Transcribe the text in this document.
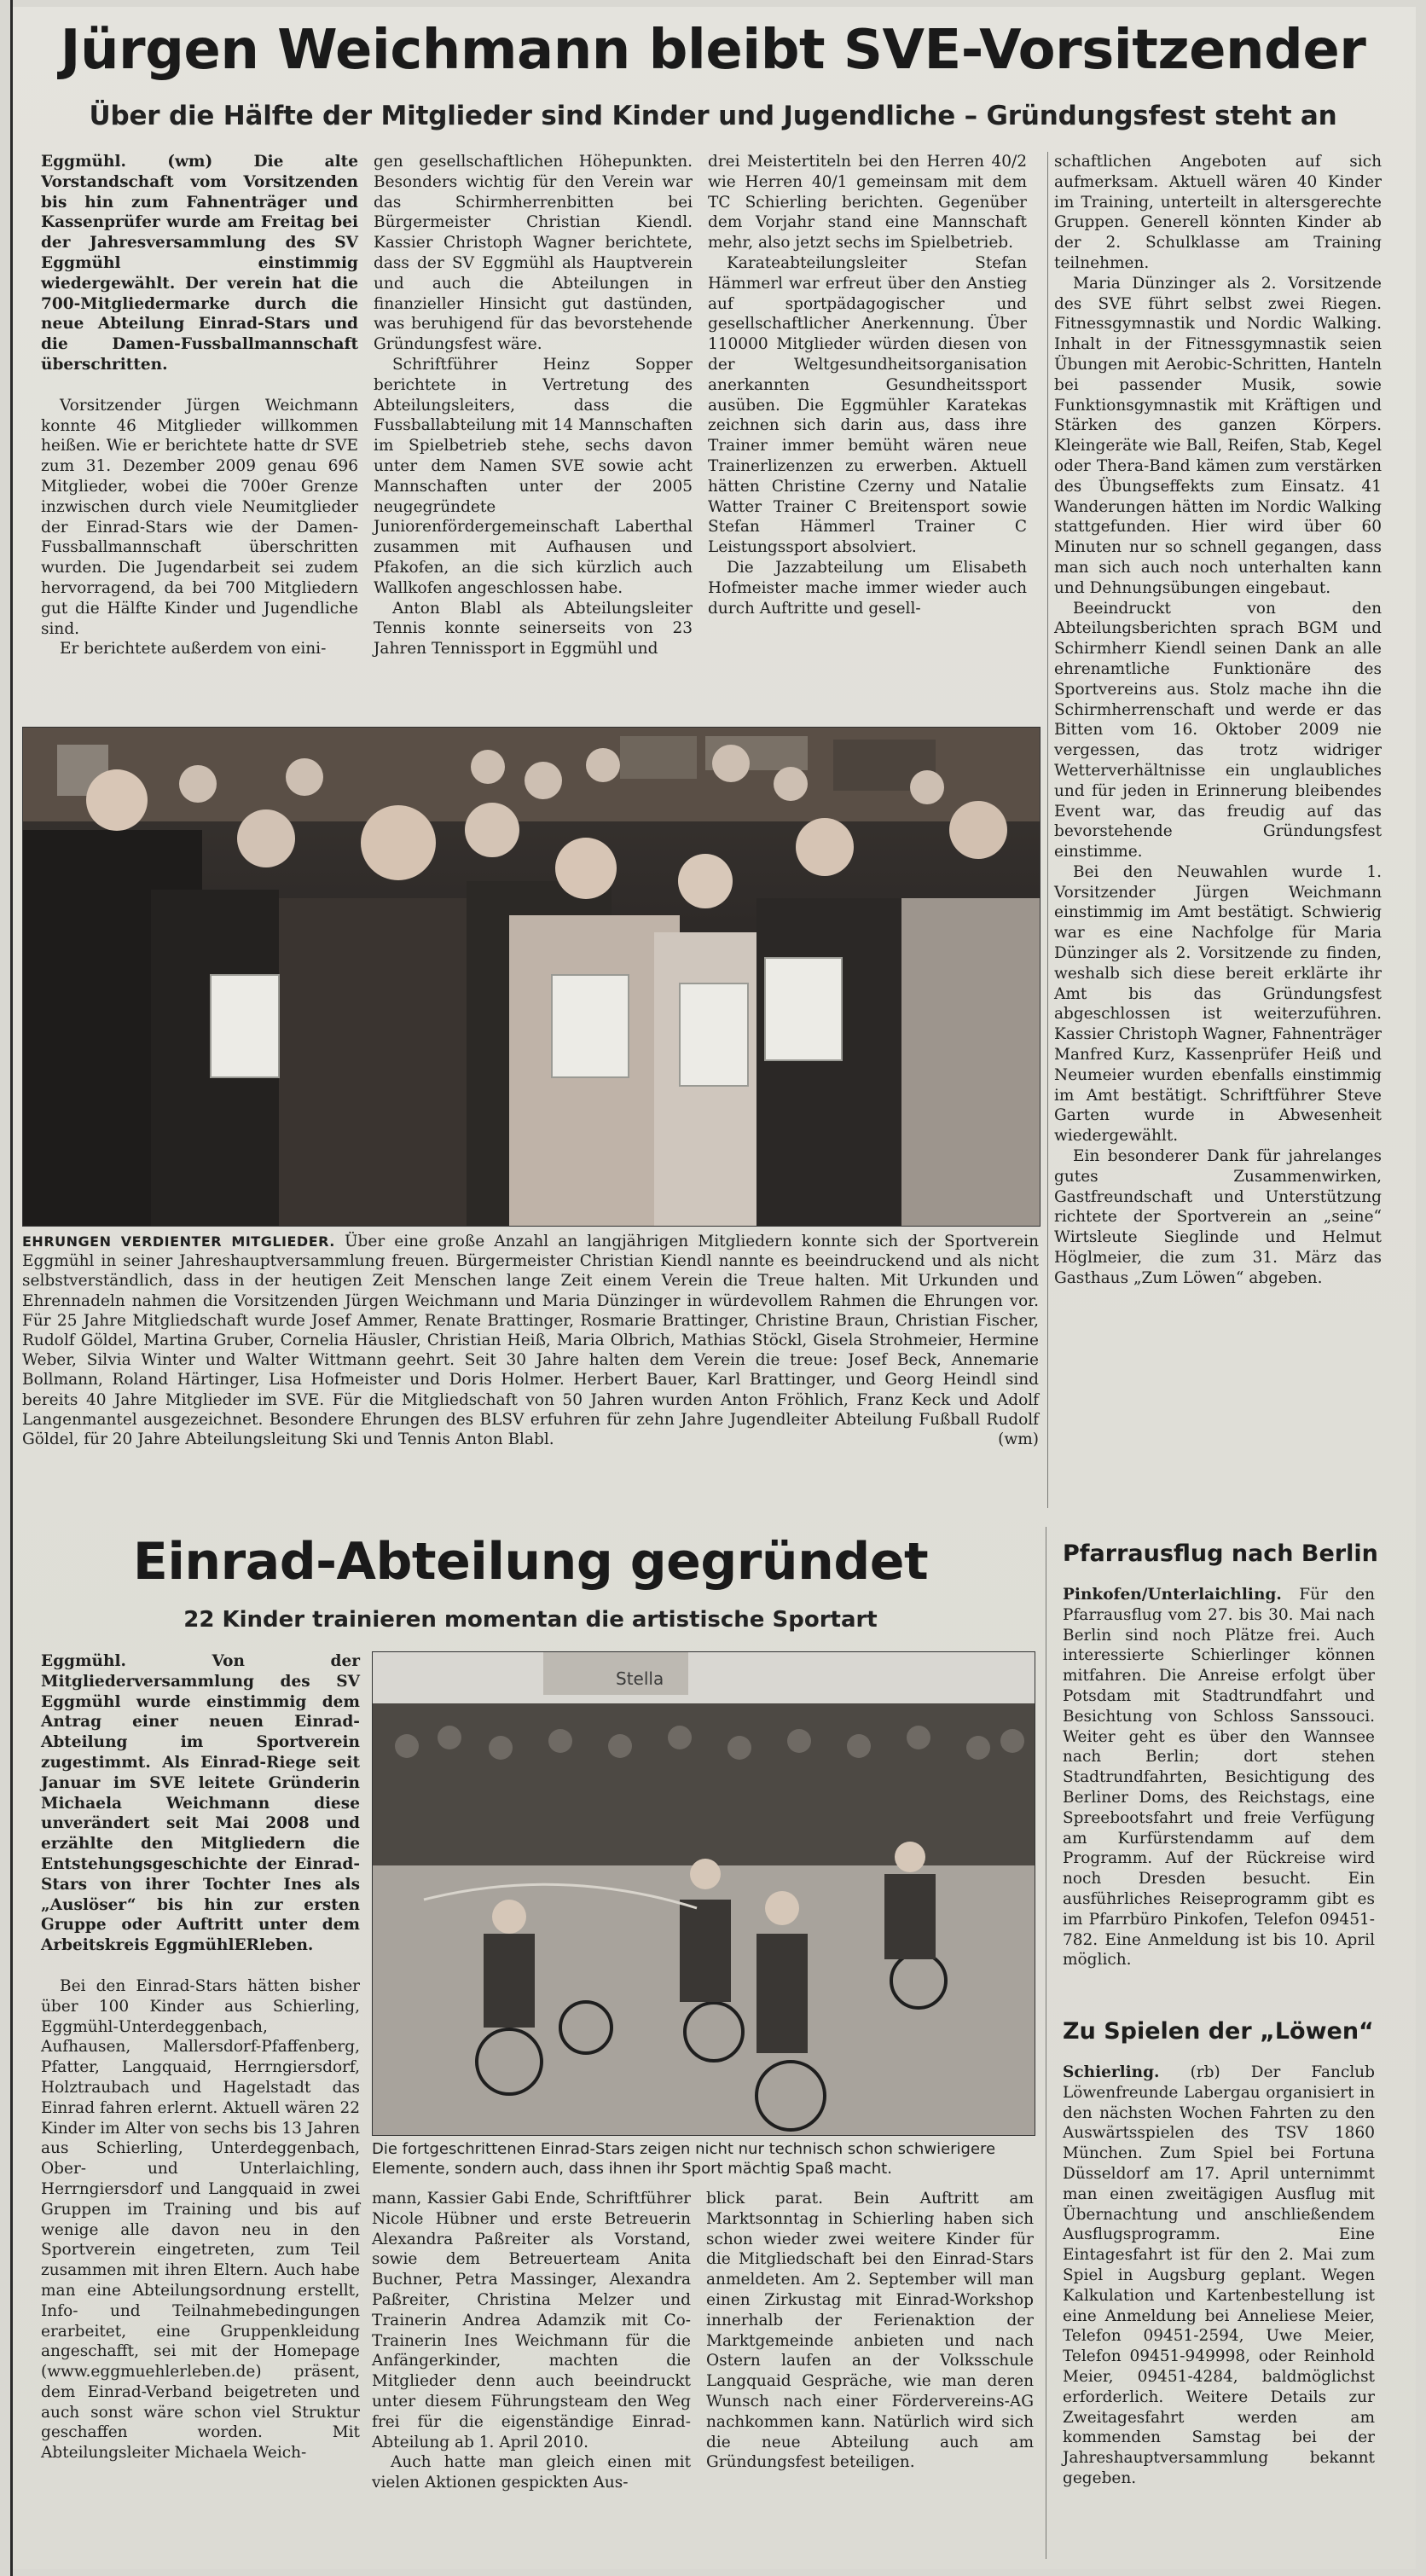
Jürgen Weichmann bleibt SVE-Vorsitzender
Über die Hälfte der Mitglieder sind Kinder und Jugendliche – Gründungsfest steht an

Eggmühl. (wm) Die alte Vorstandschaft vom Vorsitzenden bis hin zum Fahnenträger und Kassenprüfer wurde am Freitag bei der Jahresversammlung des SV Eggmühl einstimmig wiedergewählt. Der verein hat die 700-Mitgliedermarke durch die neue Abteilung Einrad-Stars und die Damen-Fussballmannschaft überschritten.

Vorsitzender Jürgen Weichmann konnte 46 Mitglieder willkommen heißen. Wie er berichtete hatte dr SVE zum 31. Dezember 2009 genau 696 Mitglieder, wobei die 700er Grenze inzwischen durch viele Neumitglieder der Einrad-Stars wie der Damen-Fussballmannschaft überschritten wurden. Die Jugendarbeit sei zudem hervorragend, da bei 700 Mitgliedern gut die Hälfte Kinder und Jugendliche sind.

Er berichtete außerdem von eini-

gen gesellschaftlichen Höhepunkten. Besonders wichtig für den Verein war das Schirmherrenbitten bei Bürgermeister Christian Kiendl. Kassier Christoph Wagner berichtete, dass der SV Eggmühl als Hauptverein und auch die Abteilungen in finanzieller Hinsicht gut dastünden, was beruhigend für das bevorstehende Gründungsfest wäre.

Schriftführer Heinz Sopper berichtete in Vertretung des Abteilungsleiters, dass die Fussballabteilung mit 14 Mannschaften im Spielbetrieb stehe, sechs davon unter dem Namen SVE sowie acht Mannschaften unter der 2005 neugegründete Juniorenfördergemeinschaft Laberthal zusammen mit Aufhausen und Pfakofen, an die sich kürzlich auch Wallkofen angeschlossen habe.

Anton Blabl als Abteilungsleiter Tennis konnte seinerseits von 23 Jahren Tennissport in Eggmühl und

drei Meistertiteln bei den Herren 40/2 wie Herren 40/1 gemeinsam mit dem TC Schierling berichten. Gegenüber dem Vorjahr stand eine Mannschaft mehr, also jetzt sechs im Spielbetrieb.

Karateabteilungsleiter Stefan Hämmerl war erfreut über den Anstieg auf sportpädagogischer und gesellschaftlicher Anerkennung. Über 110000 Mitglieder würden diesen von der Weltgesundheitsorganisation anerkannten Gesundheitssport ausüben. Die Eggmühler Karatekas zeichnen sich darin aus, dass ihre Trainer immer bemüht wären neue Trainerlizenzen zu erwerben. Aktuell hätten Christine Czerny und Natalie Watter Trainer C Breitensport sowie Stefan Hämmerl Trainer C Leistungssport absolviert.

Die Jazzabteilung um Elisabeth Hofmeister mache immer wieder auch durch Auftritte und gesell-

schaftlichen Angeboten auf sich aufmerksam. Aktuell wären 40 Kinder im Training, unterteilt in altersgerechte Gruppen. Generell könnten Kinder ab der 2. Schulklasse am Training teilnehmen.

Maria Dünzinger als 2. Vorsitzende des SVE führt selbst zwei Riegen. Fitnessgymnastik und Nordic Walking. Inhalt in der Fitnessgymnastik seien Übungen mit Aerobic-Schritten, Hanteln bei passender Musik, sowie Funktionsgymnastik mit Kräftigen und Stärken des ganzen Körpers. Kleingeräte wie Ball, Reifen, Stab, Kegel oder Thera-Band kämen zum verstärken des Übungseffekts zum Einsatz. 41 Wanderungen hätten im Nordic Walking stattgefunden. Hier wird über 60 Minuten nur so schnell gegangen, dass man sich auch noch unterhalten kann und Dehnungsübungen eingebaut.

Beeindruckt von den Abteilungsberichten sprach BGM und Schirmherr Kiendl seinen Dank an alle ehrenamtliche Funktionäre des Sportvereins aus. Stolz mache ihn die Schirmherrenschaft und werde er das Bitten vom 16. Oktober 2009 nie vergessen, das trotz widriger Wetterverhältnisse ein unglaubliches und für jeden in Erinnerung bleibendes Event war, das freudig auf das bevorstehende Gründungsfest einstimme.

Bei den Neuwahlen wurde 1. Vorsitzender Jürgen Weichmann einstimmig im Amt bestätigt. Schwierig war es eine Nachfolge für Maria Dünzinger als 2. Vorsitzende zu finden, weshalb sich diese bereit erklärte ihr Amt bis das Gründungsfest abgeschlossen ist weiterzuführen. Kassier Christoph Wagner, Fahnenträger Manfred Kurz, Kassenprüfer Heiß und Neumeier wurden ebenfalls einstimmig im Amt bestätigt. Schriftführer Steve Garten wurde in Abwesenheit wiedergewählt.

Ein besonderer Dank für jahrelanges gutes Zusammenwirken, Gastfreundschaft und Unterstützung richtete der Sportverein an „seine“ Wirtsleute Sieglinde und Helmut Höglmeier, die zum 31. März das Gasthaus „Zum Löwen“ abgeben.

EHRUNGEN VERDIENTER MITGLIEDER. Über eine große Anzahl an langjährigen Mitgliedern konnte sich der Sportverein Eggmühl in seiner Jahreshauptversammlung freuen. Bürgermeister Christian Kiendl nannte es beeindruckend und als nicht selbstverständlich, dass in der heutigen Zeit Menschen lange Zeit einem Verein die Treue halten. Mit Urkunden und Ehrennadeln nahmen die Vorsitzenden Jürgen Weichmann und Maria Dünzinger in würdevollem Rahmen die Ehrungen vor. Für 25 Jahre Mitgliedschaft wurde Josef Ammer, Renate Brattinger, Rosmarie Brattinger, Christine Braun, Christian Fischer, Rudolf Göldel, Martina Gruber, Cornelia Häusler, Christian Heiß, Maria Olbrich, Mathias Stöckl, Gisela Strohmeier, Hermine Weber, Silvia Winter und Walter Wittmann geehrt. Seit 30 Jahre halten dem Verein die treue: Josef Beck, Annemarie Bollmann, Roland Härtinger, Lisa Hofmeister und Doris Holmer. Herbert Bauer, Karl Brattinger, und Georg Heindl sind bereits 40 Jahre Mitglieder im SVE. Für die Mitgliedschaft von 50 Jahren wurden Anton Fröhlich, Franz Keck und Adolf Langenmantel ausgezeichnet. Besondere Ehrungen des BLSV erfuhren für zehn Jahre Jugendleiter Abteilung Fußball Rudolf Göldel, für 20 Jahre Abteilungsleitung Ski und Tennis Anton Blabl.	(wm)
Einrad-Abteilung gegründet
22 Kinder trainieren momentan die artistische Sportart

Eggmühl. Von der Mitgliederversammlung des SV Eggmühl wurde einstimmig dem Antrag einer neuen Einrad-Abteilung im Sportverein zugestimmt. Als Einrad-Riege seit Januar im SVE leitete Gründerin Michaela Weichmann diese unverändert seit Mai 2008 und erzählte den Mitgliedern die Entstehungsgeschichte der Einrad-Stars von ihrer Tochter Ines als „Auslöser“ bis hin zur ersten Gruppe oder Auftritt unter dem Arbeitskreis EggmühlERleben.

Bei den Einrad-Stars hätten bisher über 100 Kinder aus Schierling, Eggmühl-Unterdeggenbach, Aufhausen, Mallersdorf-Pfaffenberg, Pfatter, Langquaid, Herrngiersdorf, Holztraubach und Hagelstadt das Einrad fahren erlernt. Aktuell wären 22 Kinder im Alter von sechs bis 13 Jahren aus Schierling, Unterdeggenbach, Ober- und Unterlaichling, Herrngiersdorf und Langquaid in zwei Gruppen im Training und bis auf wenige alle davon neu in den Sportverein eingetreten, zum Teil zusammen mit ihren Eltern. Auch habe man eine Abteilungsordnung erstellt, Info- und Teilnahmebedingungen erarbeitet, eine Gruppenkleidung angeschafft, sei mit der Homepage (www.eggmuehlerleben.de) präsent, dem Einrad-Verband beigetreten und auch sonst wäre schon viel Struktur geschaffen worden. Mit Abteilungsleiter Michaela Weich-

Stella
Die fortgeschrittenen Einrad-Stars zeigen nicht nur technisch schon schwierigere Elemente, sondern auch, dass ihnen ihr Sport mächtig Spaß macht.

mann, Kassier Gabi Ende, Schriftführer Nicole Hübner und erste Betreuerin Alexandra Paßreiter als Vorstand, sowie dem Betreuerteam Anita Buchner, Petra Massinger, Alexandra Paßreiter, Christina Melzer und Trainerin Andrea Adamzik mit Co-Trainerin Ines Weichmann für die Anfängerkinder, machten die Mitglieder denn auch beeindruckt unter diesem Führungsteam den Weg frei für die eigenständige Einrad-Abteilung ab 1. April 2010.

Auch hatte man gleich einen mit vielen Aktionen gespickten Aus-

blick parat. Bein Auftritt am Marktsonntag in Schierling haben sich schon wieder zwei weitere Kinder für die Mitgliedschaft bei den Einrad-Stars anmeldeten. Am 2. September will man einen Zirkustag mit Einrad-Workshop innerhalb der Ferienaktion der Marktgemeinde anbieten und nach Ostern laufen an der Volksschule Langquaid Gespräche, wie man deren Wunsch nach einer Fördervereins-AG nachkommen kann. Natürlich wird sich die neue Abteilung auch am Gründungsfest beteiligen.

Pfarrausflug nach Berlin

Pinkofen/Unterlaichling. Für den Pfarrausflug vom 27. bis 30. Mai nach Berlin sind noch Plätze frei. Auch interessierte Schierlinger können mitfahren. Die Anreise erfolgt über Potsdam mit Stadtrundfahrt und Besichtung von Schloss Sanssouci. Weiter geht es über den Wannsee nach Berlin; dort stehen Stadtrundfahrten, Besichtigung des Berliner Doms, des Reichstags, eine Spreebootsfahrt und freie Verfügung am Kurfürstendamm auf dem Programm. Auf der Rückreise wird noch Dresden besucht. Ein ausführliches Reiseprogramm gibt es im Pfarrbüro Pinkofen, Telefon 09451-782. Eine Anmeldung ist bis 10. April möglich.

Zu Spielen der „Löwen“

Schierling. (rb) Der Fanclub Löwenfreunde Labergau organisiert in den nächsten Wochen Fahrten zu den Auswärtsspielen des TSV 1860 München. Zum Spiel bei Fortuna Düsseldorf am 17. April unternimmt man einen zweitägigen Ausflug mit Übernachtung und anschließendem Ausflugsprogramm. Eine Eintagesfahrt ist für den 2. Mai zum Spiel in Augsburg geplant. Wegen Kalkulation und Kartenbestellung ist eine Anmeldung bei Anneliese Meier, Telefon 09451-2594, Uwe Meier, Telefon 09451-949998, oder Reinhold Meier, 09451-4284, baldmöglichst erforderlich. Weitere Details zur Zweitagesfahrt werden am kommenden Samstag bei der Jahreshauptversammlung bekannt gegeben.
